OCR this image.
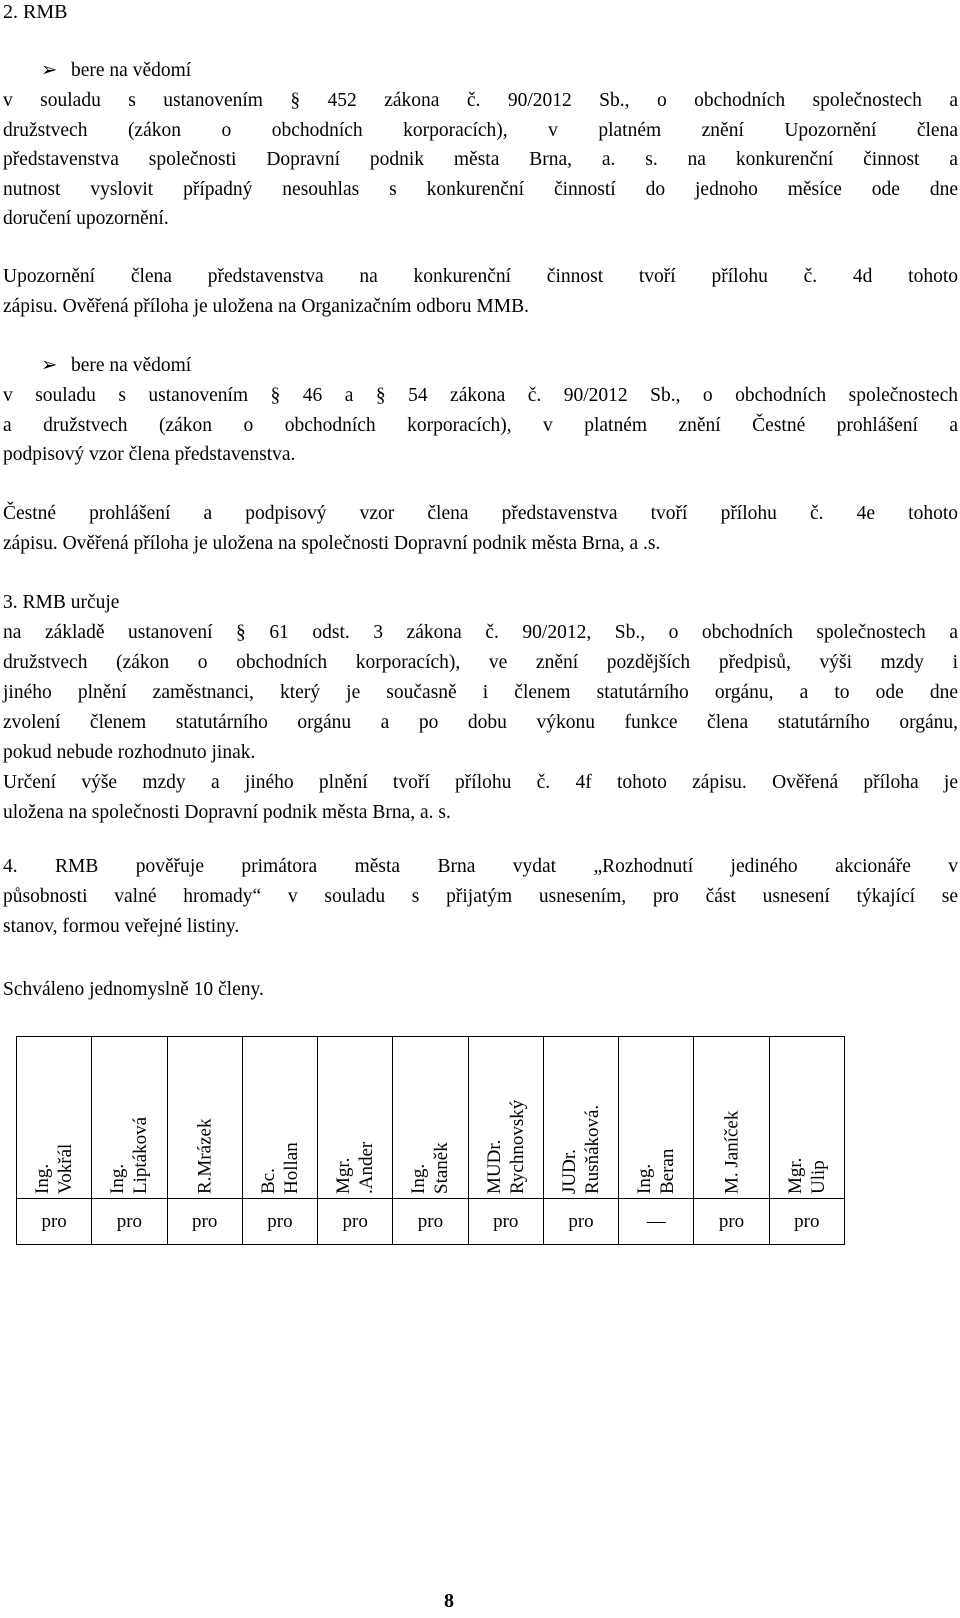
2. RMB
➢ bere na vědomí
v souladu s ustanovením § 452 zákona č. 90/2012 Sb., o obchodních společnostech a
družstvech (zákon o obchodních korporacích), v platném znění Upozornění člena
představenstva společnosti Dopravní podnik města Brna, a. s. na konkurenční činnost a
nutnost vyslovit případný nesouhlas s konkurenční činností do jednoho měsíce ode dne
doručení upozornění.
Upozornění člena představenstva na konkurenční činnost tvoří přílohu č. 4d tohoto
zápisu. Ověřená příloha je uložena na Organizačním odboru MMB.
➢ bere na vědomí
v souladu s ustanovením § 46 a § 54 zákona č. 90/2012 Sb., o obchodních společnostech
a družstvech (zákon o obchodních korporacích), v platném znění Čestné prohlášení a
podpisový vzor člena představenstva.
Čestné prohlášení a podpisový vzor člena představenstva tvoří přílohu č. 4e tohoto
zápisu. Ověřená příloha je uložena na společnosti Dopravní podnik města Brna, a .s.
3. RMB určuje
na základě ustanovení § 61 odst. 3 zákona č. 90/2012, Sb., o obchodních společnostech a
družstvech (zákon o obchodních korporacích), ve znění pozdějších předpisů, výši mzdy i
jiného plnění zaměstnanci, který je současně i členem statutárního orgánu, a to ode dne
zvolení členem statutárního orgánu a po dobu výkonu funkce člena statutárního orgánu,
pokud nebude rozhodnuto jinak.
Určení výše mzdy a jiného plnění tvoří přílohu č. 4f tohoto zápisu. Ověřená příloha je
uložena na společnosti Dopravní podnik města Brna, a. s.
4. RMB pověřuje primátora města Brna vydat „Rozhodnutí jediného akcionáře v
působnosti valné hromady“ v souladu s přijatým usnesením, pro část usnesení týkající se
stanov, formou veřejné listiny.
Schváleno jednomyslně 10 členy.
Ing. Vokřál	Ing. Liptáková	R.Mrázek	Bc. Hollan	Mgr. .Ander	Ing. Staněk	MUDr. Rychnovský	JUDr. Rusňáková.	Ing. Beran	M. Janíček	Mgr. Ulip

pro	pro	pro	pro	pro	pro	pro	pro	—	pro	pro
8
